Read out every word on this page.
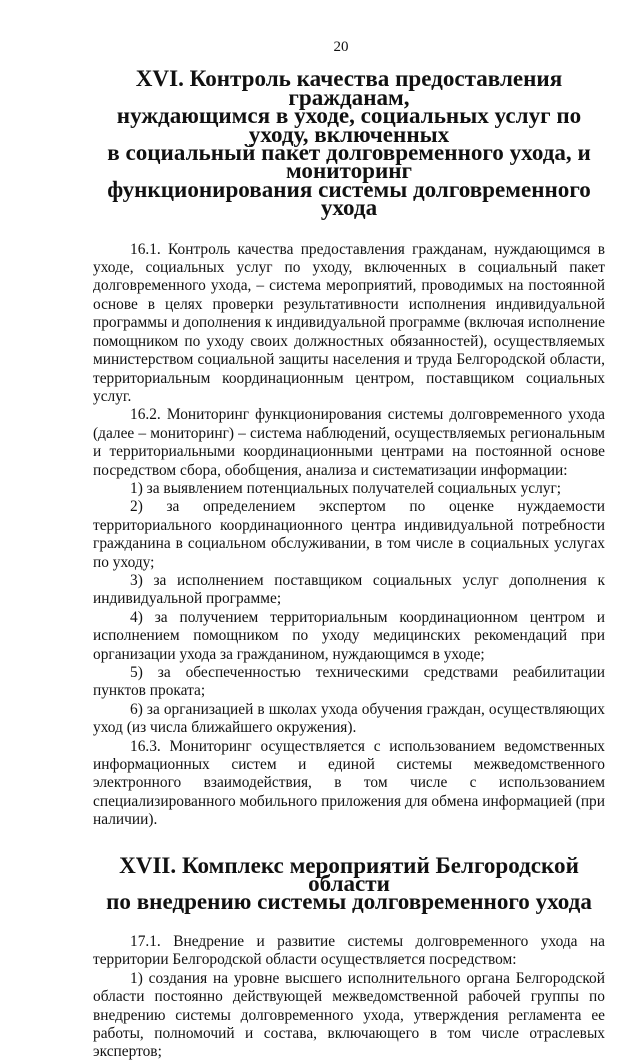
20
XVI. Контроль качества предоставления гражданам,
нуждающимся в уходе, социальных услуг по уходу, включенных
в социальный пакет долговременного ухода, и мониторинг
функционирования системы долговременного ухода

16.1. Контроль качества предоставления гражданам, нуждающимся в уходе, социальных услуг по уходу, включенных в социальный пакет долговременного ухода, – система мероприятий, проводимых на постоянной основе в целях проверки результативности исполнения индивидуальной программы и дополнения к индивидуальной программе (включая исполнение помощником по уходу своих должностных обязанностей), осуществляемых министерством социальной защиты населения и труда Белгородской области, территориальным координационным центром, поставщиком социальных услуг.

16.2. Мониторинг функционирования системы долговременного ухода (далее – мониторинг) – система наблюдений, осуществляемых региональным и территориальными координационными центрами на постоянной основе посредством сбора, обобщения, анализа и систематизации информации:

1) за выявлением потенциальных получателей социальных услуг;

2) за определением экспертом по оценке нуждаемости территориального координационного центра индивидуальной потребности гражданина в социальном обслуживании, в том числе в социальных услугах по уходу;

3) за исполнением поставщиком социальных услуг дополнения к индивидуальной программе;

4) за получением территориальным координационном центром и исполнением помощником по уходу медицинских рекомендаций при организации ухода за гражданином, нуждающимся в уходе;

5) за обеспеченностью техническими средствами реабилитации пунктов проката;

6) за организацией в школах ухода обучения граждан, осуществляющих уход (из числа ближайшего окружения).

16.3. Мониторинг осуществляется с использованием ведомственных информационных систем и единой системы межведомственного электронного взаимодействия, в том числе с использованием специализированного мобильного приложения для обмена информацией (при наличии).

XVII. Комплекс мероприятий Белгородской области
по внедрению системы долговременного ухода

17.1. Внедрение и развитие системы долговременного ухода на территории Белгородской области осуществляется посредством:

1) создания на уровне высшего исполнительного органа Белгородской области постоянно действующей межведомственной рабочей группы по внедрению системы долговременного ухода, утверждения регламента ее работы, полномочий и состава, включающего в том числе отраслевых экспертов;
